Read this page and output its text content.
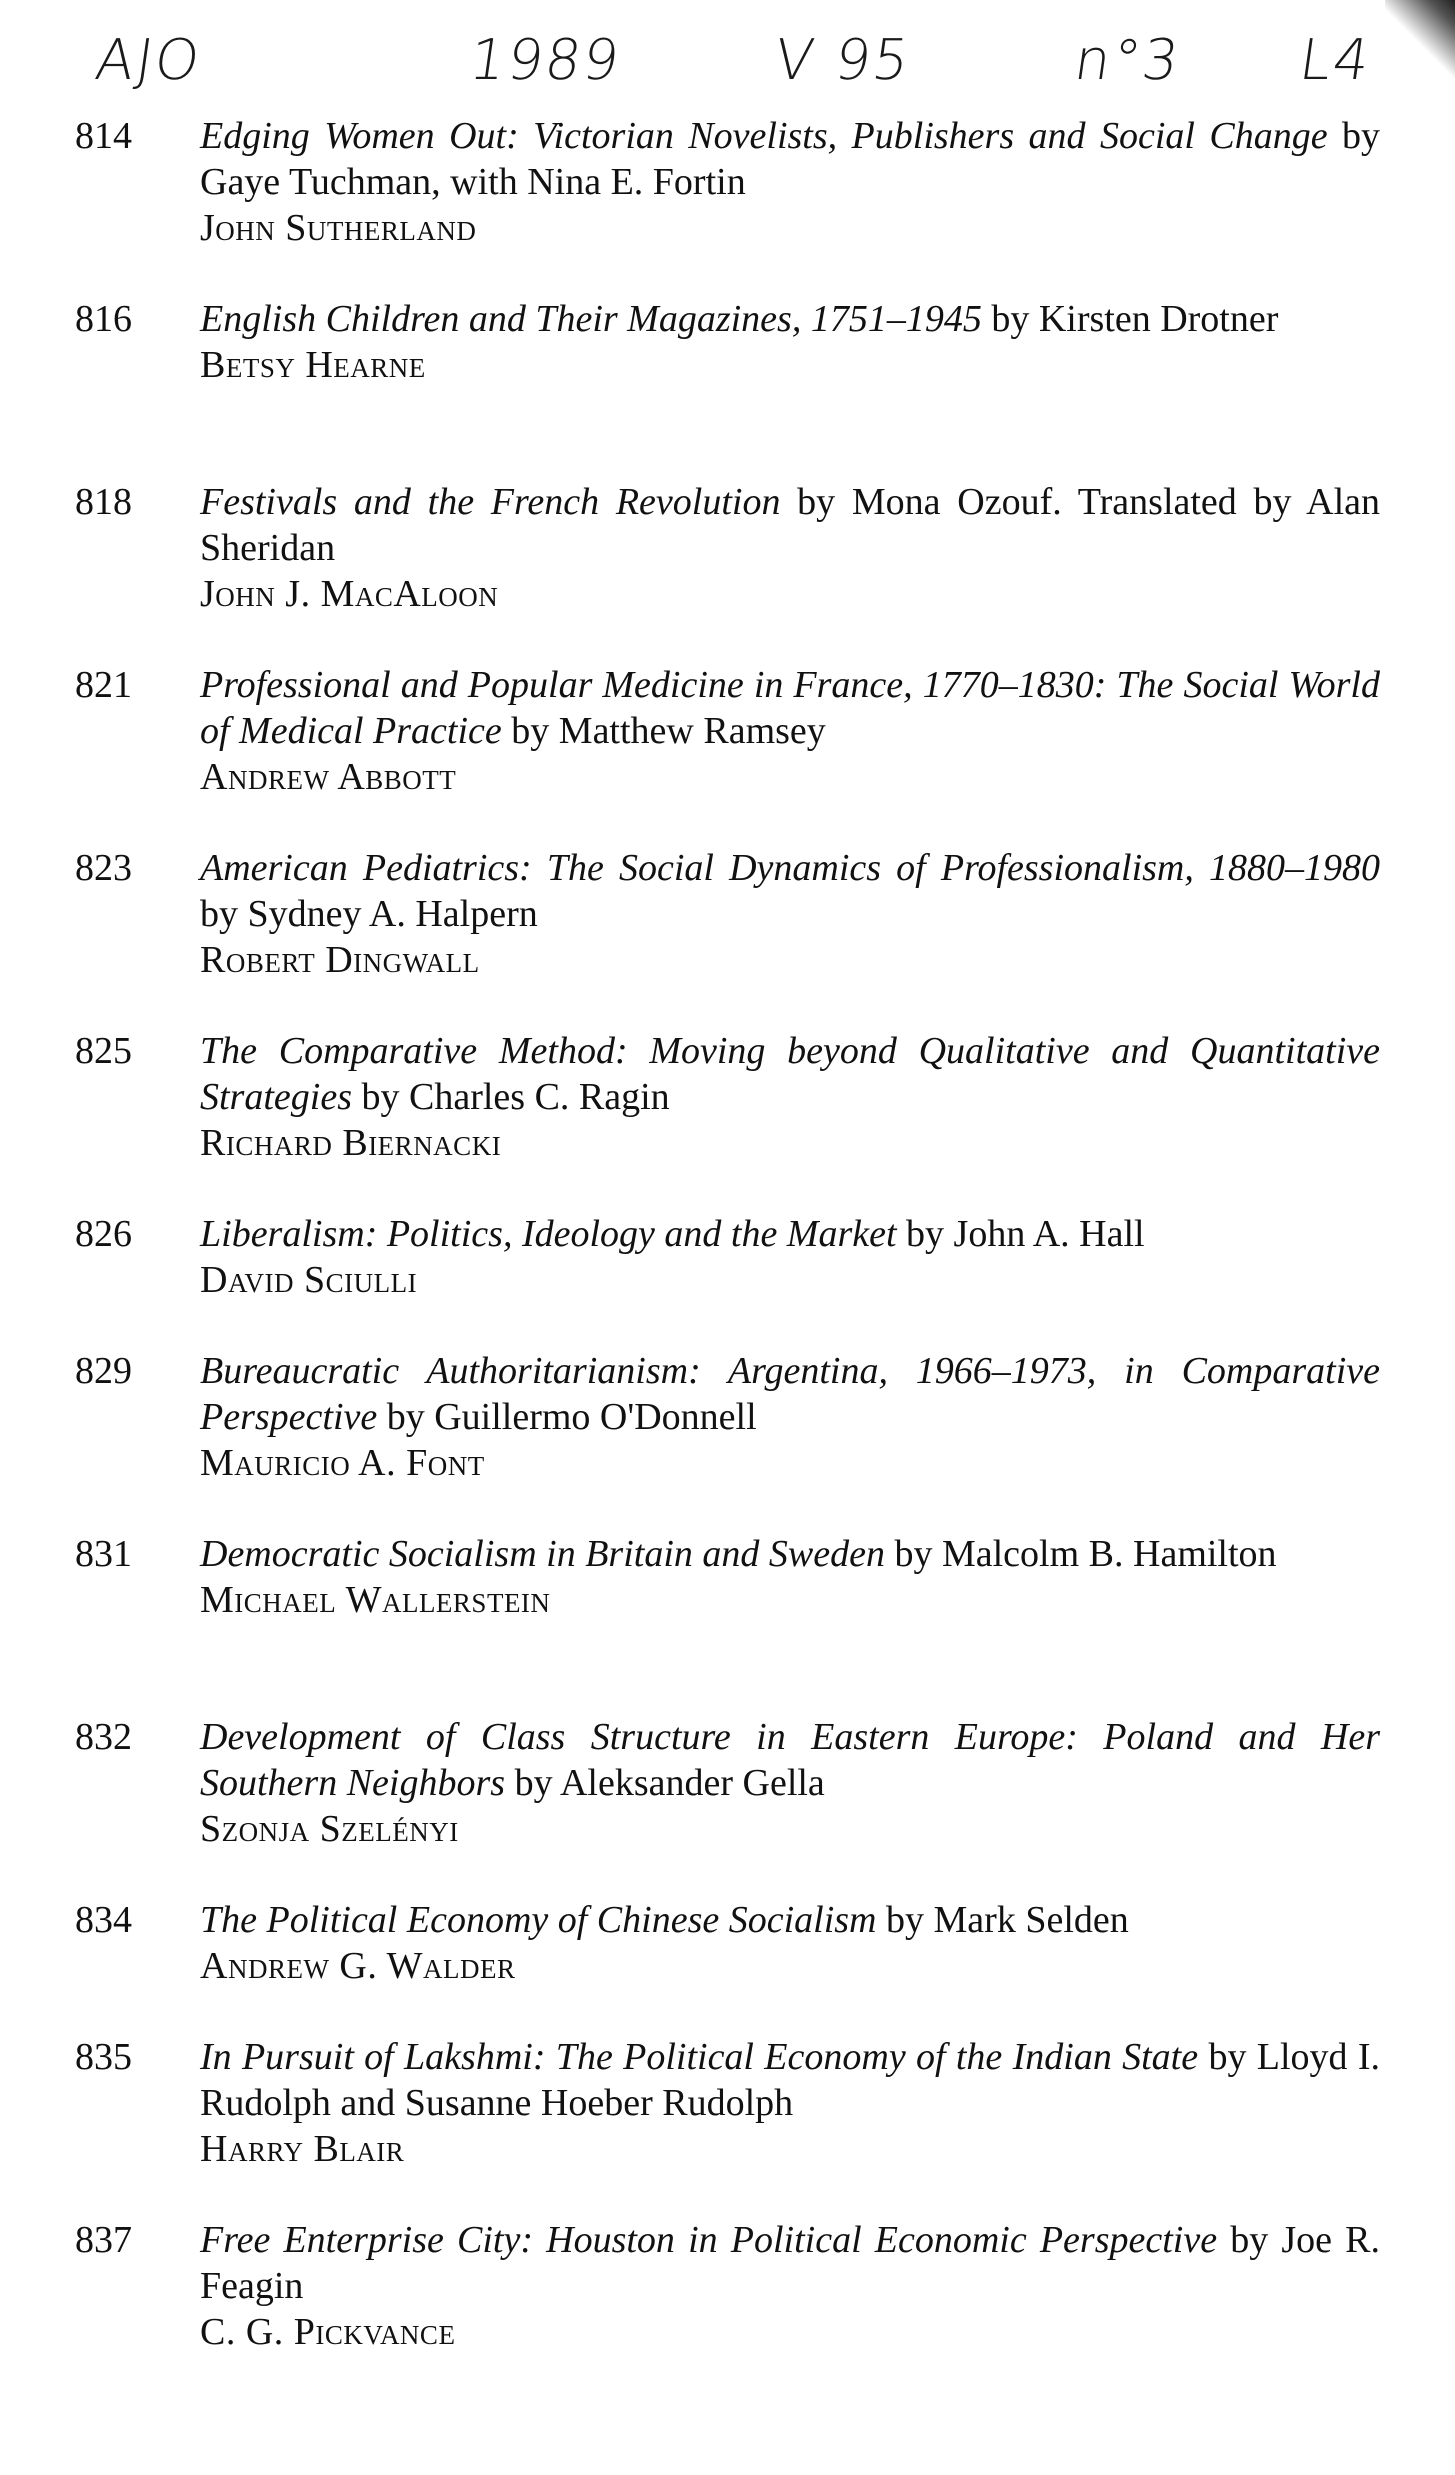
AJO	1989	V 95	n°3 L4
814 Edging Women Out: Victorian Novelists, Publishers and Social Change by Gaye Tuchman, with Nina E. Fortin

John Sutherland

816 English Children and Their Magazines, 1751–1945 by Kirsten Drotner

Betsy Hearne

818 Festivals and the French Revolution by Mona Ozouf. Translated by Alan Sheridan

John J. MacAloon

821 Professional and Popular Medicine in France, 1770–1830: The Social World of Medical Practice by Matthew Ramsey

Andrew Abbott

823 American Pediatrics: The Social Dynamics of Professionalism, 1880–1980 by Sydney A. Halpern

Robert Dingwall

825 The Comparative Method: Moving beyond Qualitative and Quantitative Strategies by Charles C. Ragin

Richard Biernacki

826 Liberalism: Politics, Ideology and the Market by John A. Hall

David Sciulli

829 Bureaucratic Authoritarianism: Argentina, 1966–1973, in Comparative Perspective by Guillermo O'Donnell

Mauricio A. Font

831 Democratic Socialism in Britain and Sweden by Malcolm B. Hamilton

Michael Wallerstein

832 Development of Class Structure in Eastern Europe: Poland and Her Southern Neighbors by Aleksander Gella

Szonja Szelényi

834 The Political Economy of Chinese Socialism by Mark Selden

Andrew G. Walder

835 In Pursuit of Lakshmi: The Political Economy of the Indian State by Lloyd I. Rudolph and Susanne Hoeber Rudolph

Harry Blair

837 Free Enterprise City: Houston in Political Economic Perspective by Joe R. Feagin

C. G. Pickvance
